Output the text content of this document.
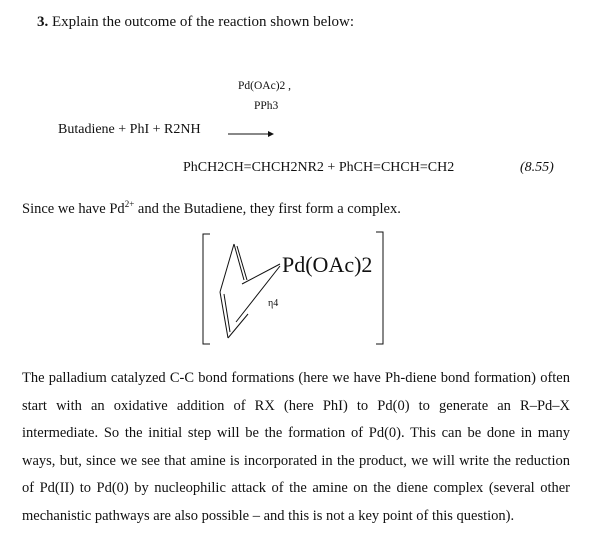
3. Explain the outcome of the reaction shown below:
Pd(OAc)2 ,
PPh3
Butadiene + PhI + R2NH
PhCH2CH=CHCH2NR2 + PhCH=CHCH=CH2	(8.55)
Since we have $Pd^{2+}$ and the Butadiene, they first form a complex.
Pd(OAc)2
η4
The palladium catalyzed C-C bond formations (here we have Ph-diene bond formation) often start with an oxidative addition of RX (here PhI) to Pd(0) to generate an R–Pd–X intermediate. So the initial step will be the formation of Pd(0). This can be done in many ways, but, since we see that amine is incorporated in the product, we will write the reduction of Pd(II) to Pd(0) by nucleophilic attack of the amine on the diene complex (several other mechanistic pathways are also possible – and this is not a key point of this question).
